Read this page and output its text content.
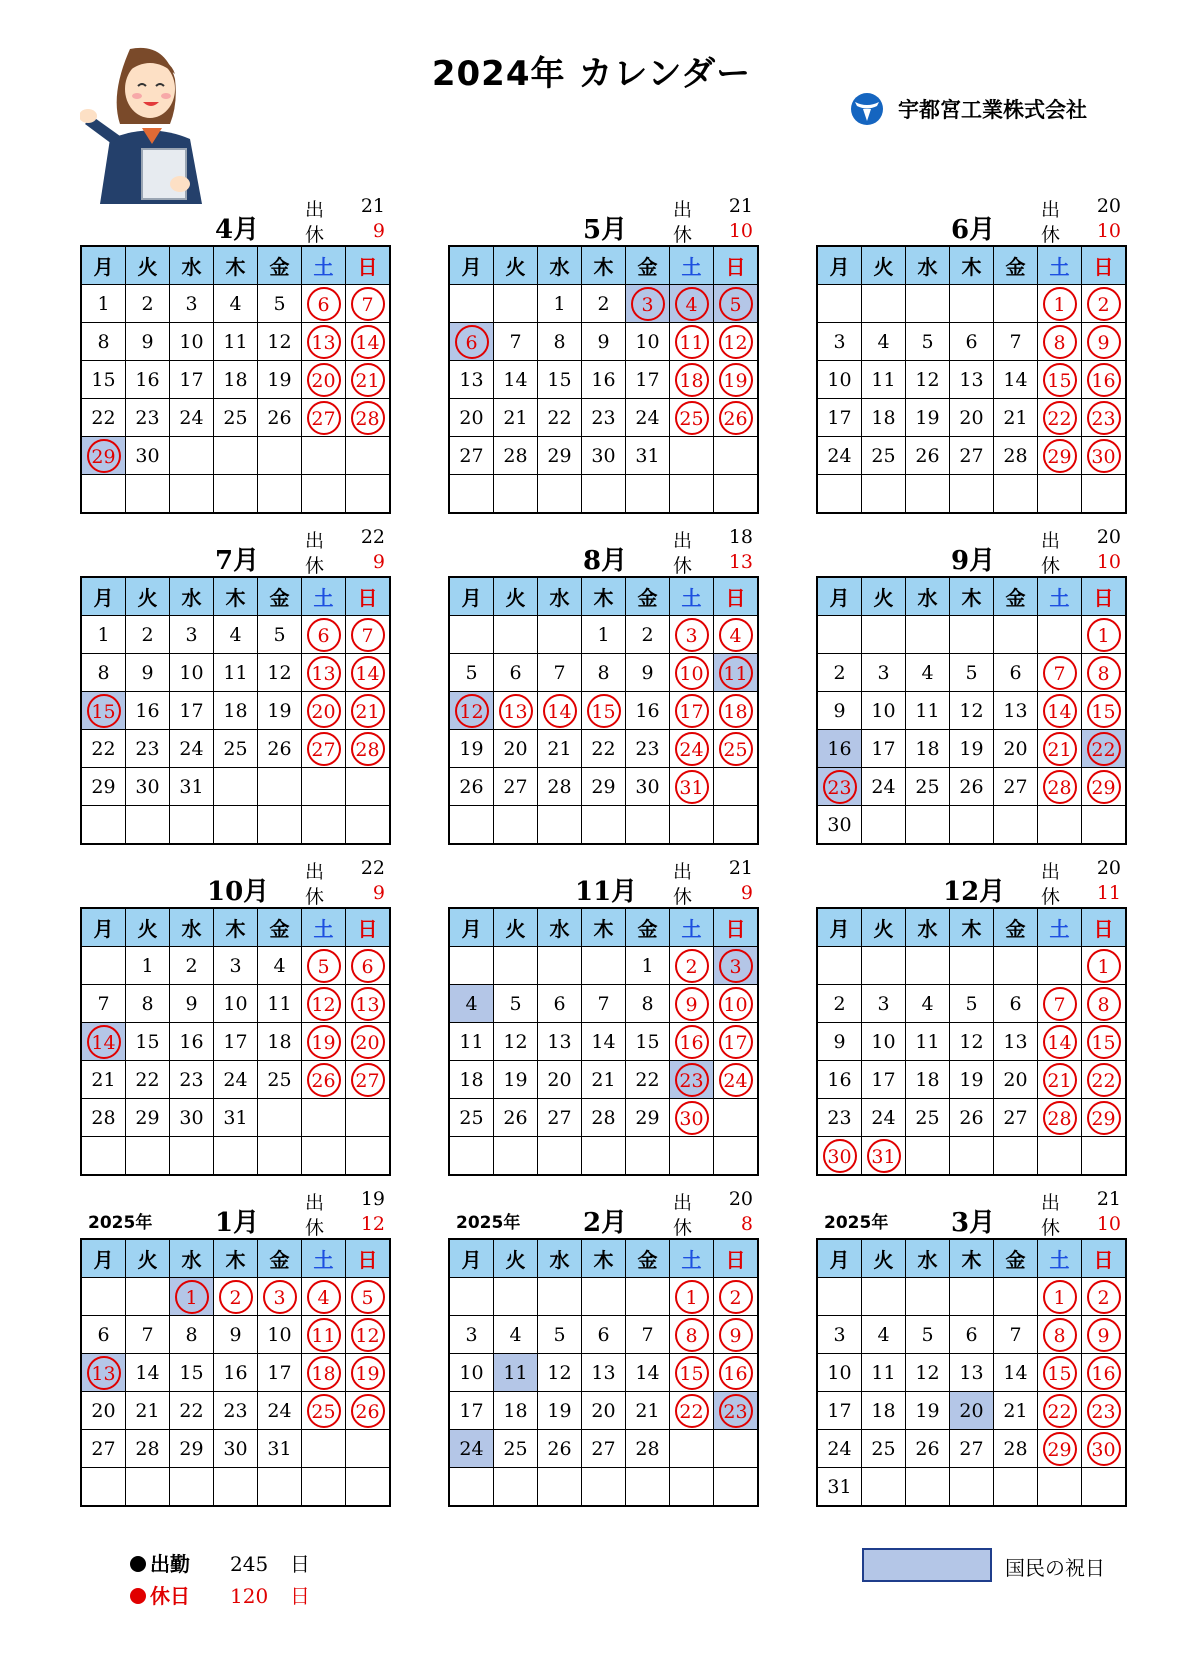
2024年 カレンダー
宇都宮工業株式会社
4月
出
休
21
9
月	火	水	木	金	土	日
1	2	3	4	5	6	7
8	9	10	11	12	13	14
15	16	17	18	19	20	21
22	23	24	25	26	27	28
29	30					

5月
出
休
21
10
月	火	水	木	金	土	日
		1	2	3	4	5
6	7	8	9	10	11	12
13	14	15	16	17	18	19
20	21	22	23	24	25	26
27	28	29	30	31		

6月
出
休
20
10
月	火	水	木	金	土	日
					1	2
3	4	5	6	7	8	9
10	11	12	13	14	15	16
17	18	19	20	21	22	23
24	25	26	27	28	29	30

7月
出
休
22
9
月	火	水	木	金	土	日
1	2	3	4	5	6	7
8	9	10	11	12	13	14
15	16	17	18	19	20	21
22	23	24	25	26	27	28
29	30	31				

8月
出
休
18
13
月	火	水	木	金	土	日
			1	2	3	4
5	6	7	8	9	10	11
12	13	14	15	16	17	18
19	20	21	22	23	24	25
26	27	28	29	30	31	

9月
出
休
20
10
月	火	水	木	金	土	日
						1
2	3	4	5	6	7	8
9	10	11	12	13	14	15
16	17	18	19	20	21	22
23	24	25	26	27	28	29
30						
10月
出
休
22
9
月	火	水	木	金	土	日
	1	2	3	4	5	6
7	8	9	10	11	12	13
14	15	16	17	18	19	20
21	22	23	24	25	26	27
28	29	30	31			

11月
出
休
21
9
月	火	水	木	金	土	日
				1	2	3
4	5	6	7	8	9	10
11	12	13	14	15	16	17
18	19	20	21	22	23	24
25	26	27	28	29	30	

12月
出
休
20
11
月	火	水	木	金	土	日
						1
2	3	4	5	6	7	8
9	10	11	12	13	14	15
16	17	18	19	20	21	22
23	24	25	26	27	28	29
30	31					
2025年 1月
出
休
19
12
月	火	水	木	金	土	日
		1	2	3	4	5
6	7	8	9	10	11	12
13	14	15	16	17	18	19
20	21	22	23	24	25	26
27	28	29	30	31		

2025年 2月
出
休
20
8
月	火	水	木	金	土	日
					1	2
3	4	5	6	7	8	9
10	11	12	13	14	15	16
17	18	19	20	21	22	23
24	25	26	27	28		

2025年 3月
出
休
21
10
月	火	水	木	金	土	日
					1	2
3	4	5	6	7	8	9
10	11	12	13	14	15	16
17	18	19	20	21	22	23
24	25	26	27	28	29	30
31						
出勤 245 日
休日 120 日
国民の祝日
